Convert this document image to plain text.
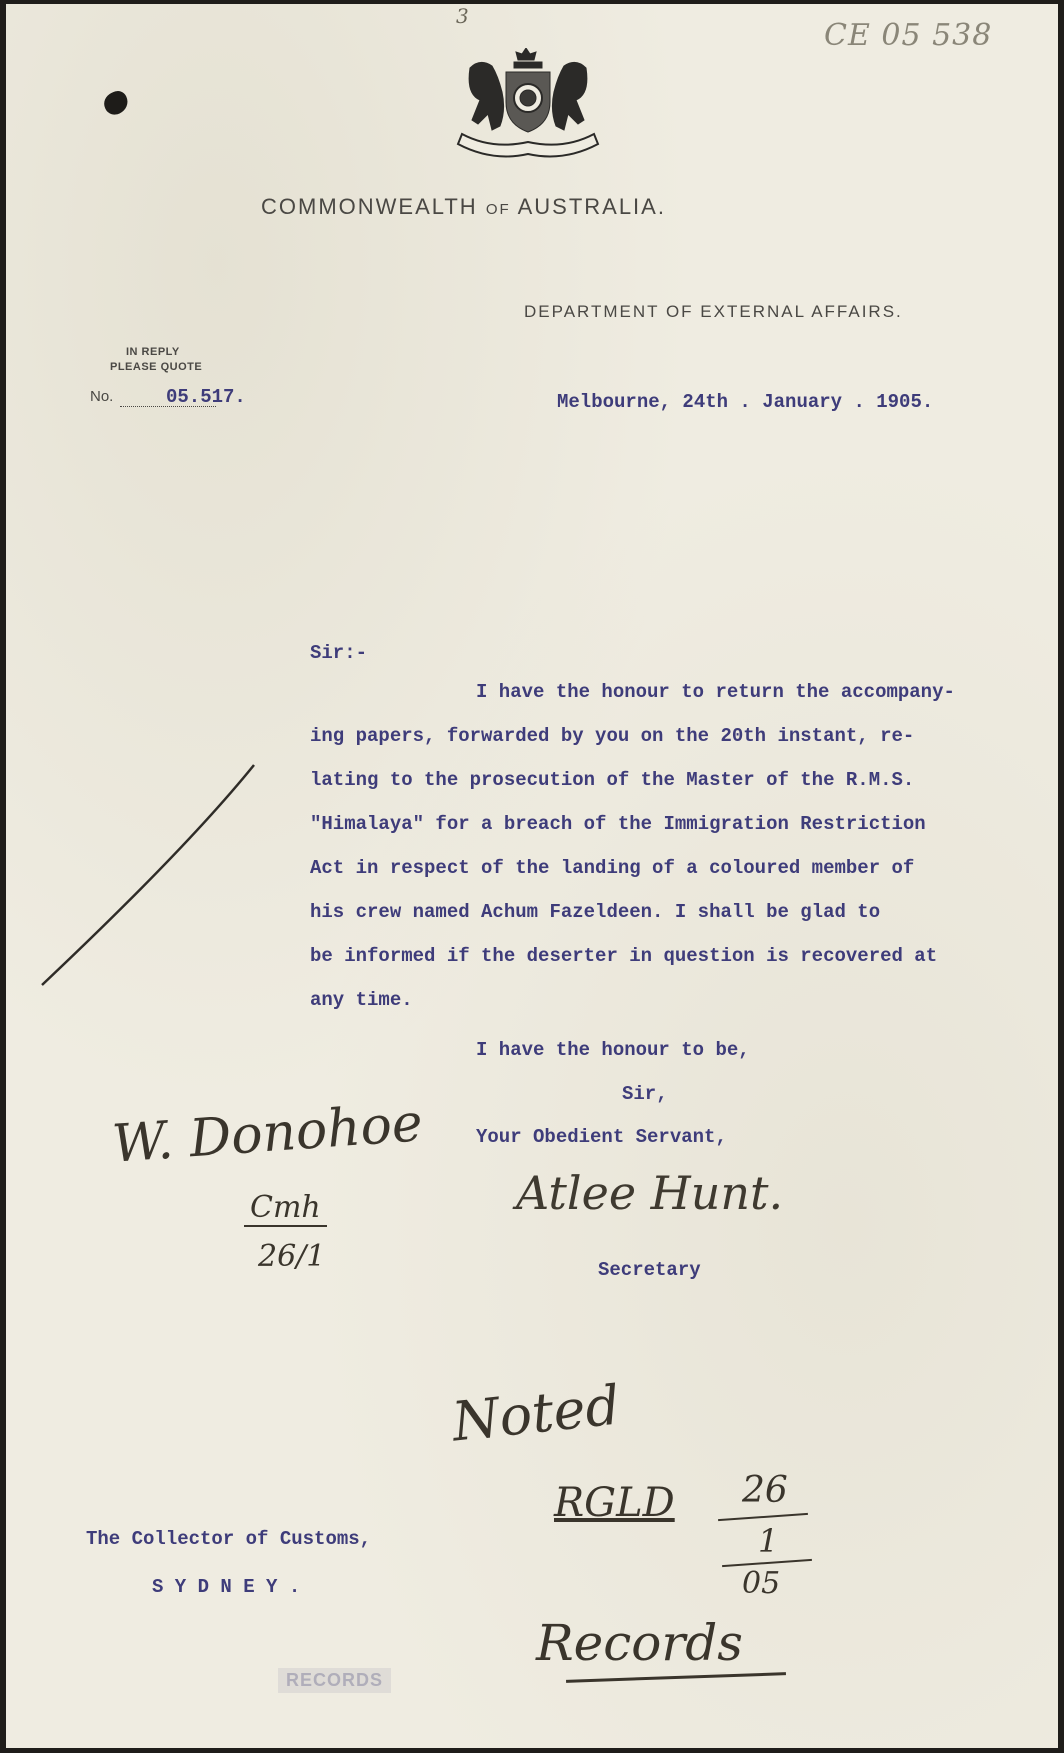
3
CE 05 538
COMMONWEALTH OF AUSTRALIA.
DEPARTMENT OF EXTERNAL AFFAIRS.
IN REPLY
PLEASE QUOTE
No.	05.517.	Melbourne, 24th . January . 1905.
Sir:-
I have the honour to return the accompany-
ing papers, forwarded by you on the 20th instant, re-
lating to the prosecution of the Master of the R.M.S.
"Himalaya" for a breach of the Immigration Restriction
Act in respect of the landing of a coloured member of
his crew named Achum Fazeldeen. I shall be glad to
be informed if the deserter in question is recovered at
any time.
I have the honour to be,
Sir,
Your Obedient Servant,
Atlee Hunt.
Secretary
W. Donohoe
Cmh
26/1
Noted
RGLD 26
1
05
Records
The Collector of Customs,
S Y D N E Y .
RECORDS
